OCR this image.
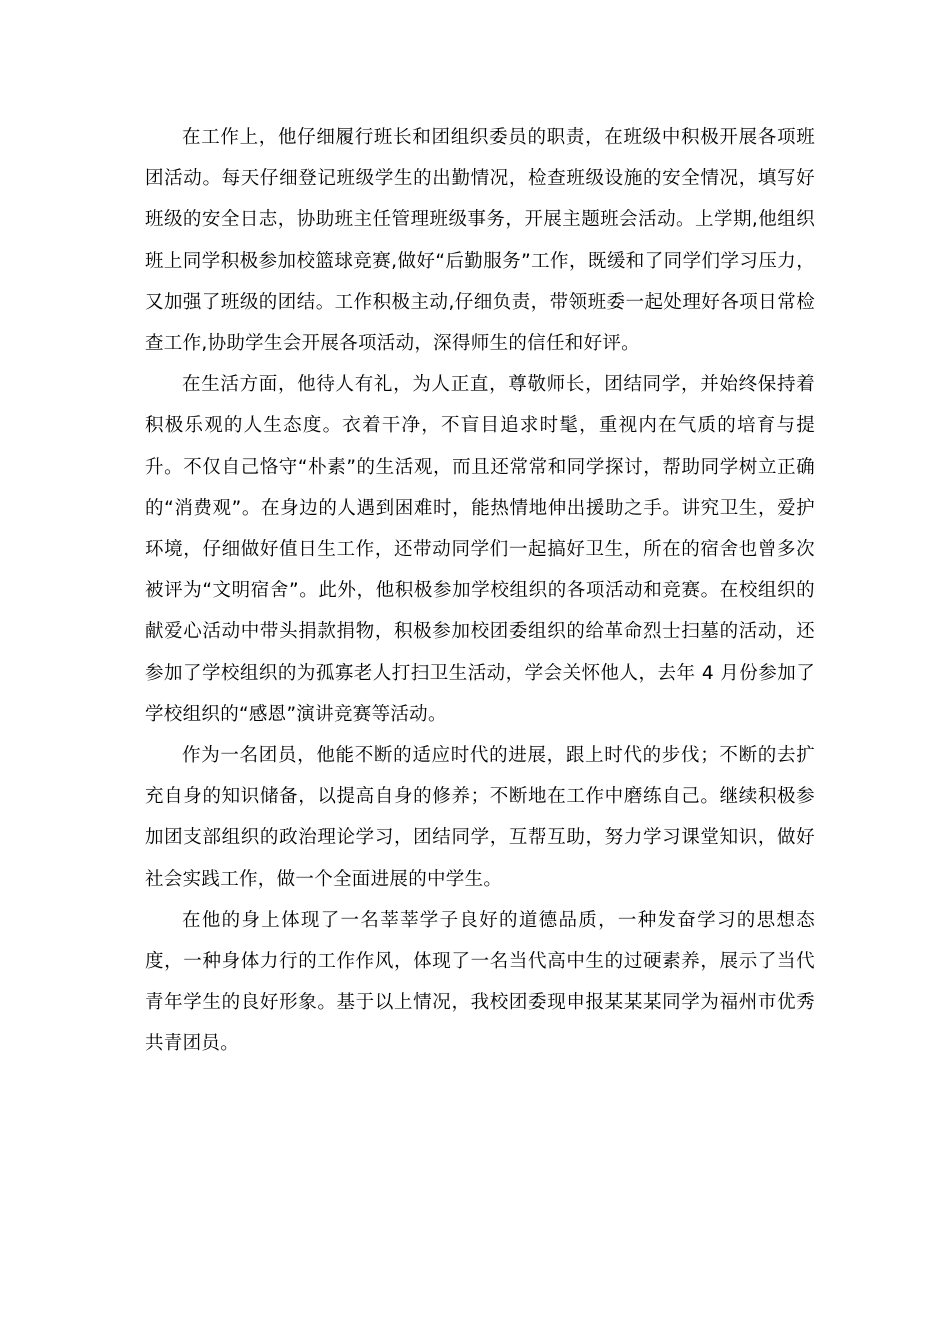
在工作上，他仔细履行班长和团组织委员的职责，在班级中积极开展各项班团活动。每天仔细登记班级学生的出勤情况，检查班级设施的安全情况，填写好班级的安全日志，协助班主任管理班级事务，开展主题班会活动。上学期,他组织班上同学积极参加校篮球竞赛,做好“后勤服务”工作，既缓和了同学们学习压力，又加强了班级的团结。工作积极主动,仔细负责，带领班委一起处理好各项日常检查工作,协助学生会开展各项活动，深得师生的信任和好评。

在生活方面，他待人有礼，为人正直，尊敬师长，团结同学，并始终保持着积极乐观的人生态度。衣着干净，不盲目追求时髦，重视内在气质的培育与提升。不仅自己恪守“朴素”的生活观，而且还常常和同学探讨，帮助同学树立正确的“消费观”。在身边的人遇到困难时，能热情地伸出援助之手。讲究卫生，爱护环境，仔细做好值日生工作，还带动同学们一起搞好卫生，所在的宿舍也曾多次被评为“文明宿舍”。此外，他积极参加学校组织的各项活动和竞赛。在校组织的献爱心活动中带头捐款捐物，积极参加校团委组织的给革命烈士扫墓的活动，还参加了学校组织的为孤寡老人打扫卫生活动，学会关怀他人，去年 4 月份参加了学校组织的“感恩”演讲竞赛等活动。

作为一名团员，他能不断的适应时代的进展，跟上时代的步伐；不断的去扩充自身的知识储备，以提高自身的修养；不断地在工作中磨练自己。继续积极参加团支部组织的政治理论学习，团结同学，互帮互助，努力学习课堂知识，做好社会实践工作，做一个全面进展的中学生。

在他的身上体现了一名莘莘学子良好的道德品质，一种发奋学习的思想态度，一种身体力行的工作作风，体现了一名当代高中生的过硬素养，展示了当代青年学生的良好形象。基于以上情况，我校团委现申报某某某同学为福州市优秀共青团员。
